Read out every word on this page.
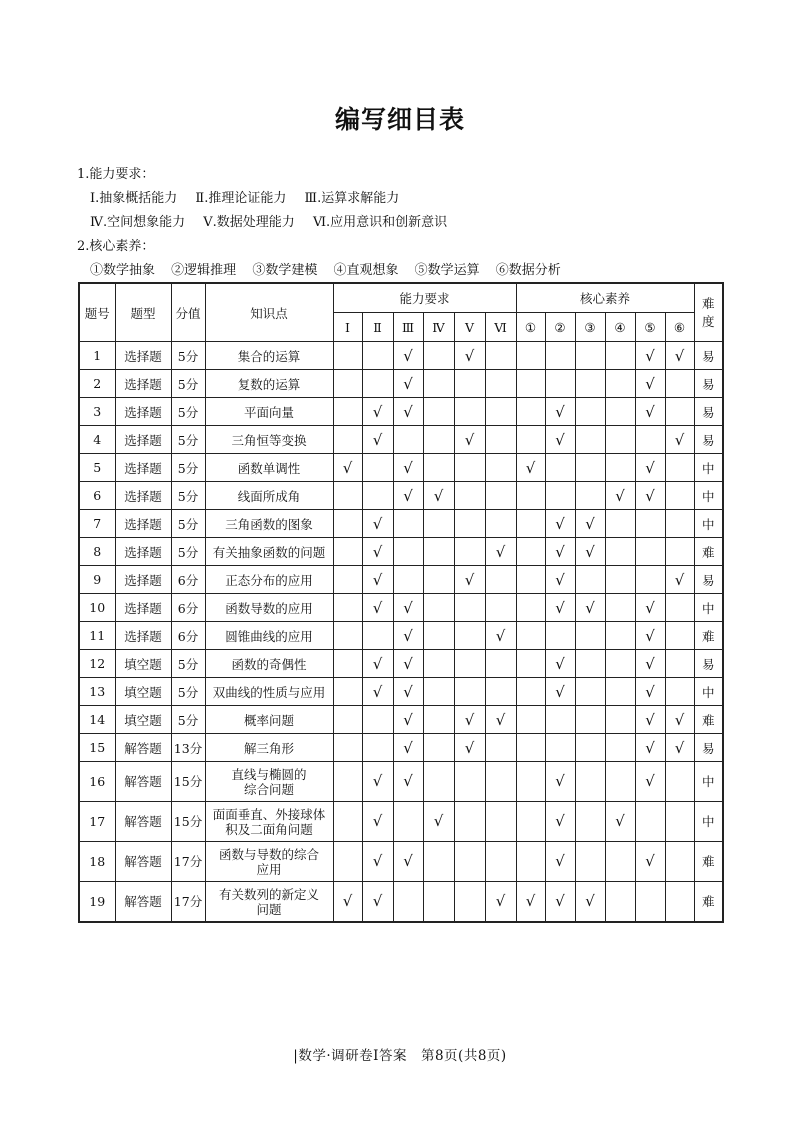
编写细目表
1.能力要求：
Ⅰ.抽象概括能力 Ⅱ.推理论证能力 Ⅲ.运算求解能力
Ⅳ.空间想象能力 Ⅴ.数据处理能力 Ⅵ.应用意识和创新意识
2.核心素养：
①数学抽象 ②逻辑推理 ③数学建模 ④直观想象 ⑤数学运算 ⑥数据分析
题号	题型	分值	知识点	能力要求						核心素养						难度
				Ⅰ	Ⅱ	Ⅲ	Ⅳ	Ⅴ	Ⅵ	①	②	③	④	⑤	⑥	
1	选择题	5分	集合的运算			√		√						√	√	易
2	选择题	5分	复数的运算			√								√		易
3	选择题	5分	平面向量		√	√					√			√		易
4	选择题	5分	三角恒等变换		√			√			√				√	易
5	选择题	5分	函数单调性	√		√				√				√		中
6	选择题	5分	线面所成角			√	√						√	√		中
7	选择题	5分	三角函数的图象		√						√	√				中
8	选择题	5分	有关抽象函数的问题		√				√		√	√				难
9	选择题	6分	正态分布的应用		√			√			√				√	易
10	选择题	6分	函数导数的应用		√	√					√	√		√		中
11	选择题	6分	圆锥曲线的应用			√			√					√		难
12	填空题	5分	函数的奇偶性		√	√					√			√		易
13	填空题	5分	双曲线的性质与应用		√	√					√			√		中
14	填空题	5分	概率问题			√		√	√					√	√	难
15	解答题	13分	解三角形			√		√						√	√	易
16	解答题	15分	直线与椭圆的
综合问题		√	√					√			√		中
17	解答题	15分	面面垂直、外接球体
积及二面角问题		√		√				√		√			中
18	解答题	17分	函数与导数的综合
应用		√	√					√			√		难
19	解答题	17分	有关数列的新定义
问题	√	√				√	√	√	√				难
|数学·调研卷Ⅰ答案　第8页(共8页)
